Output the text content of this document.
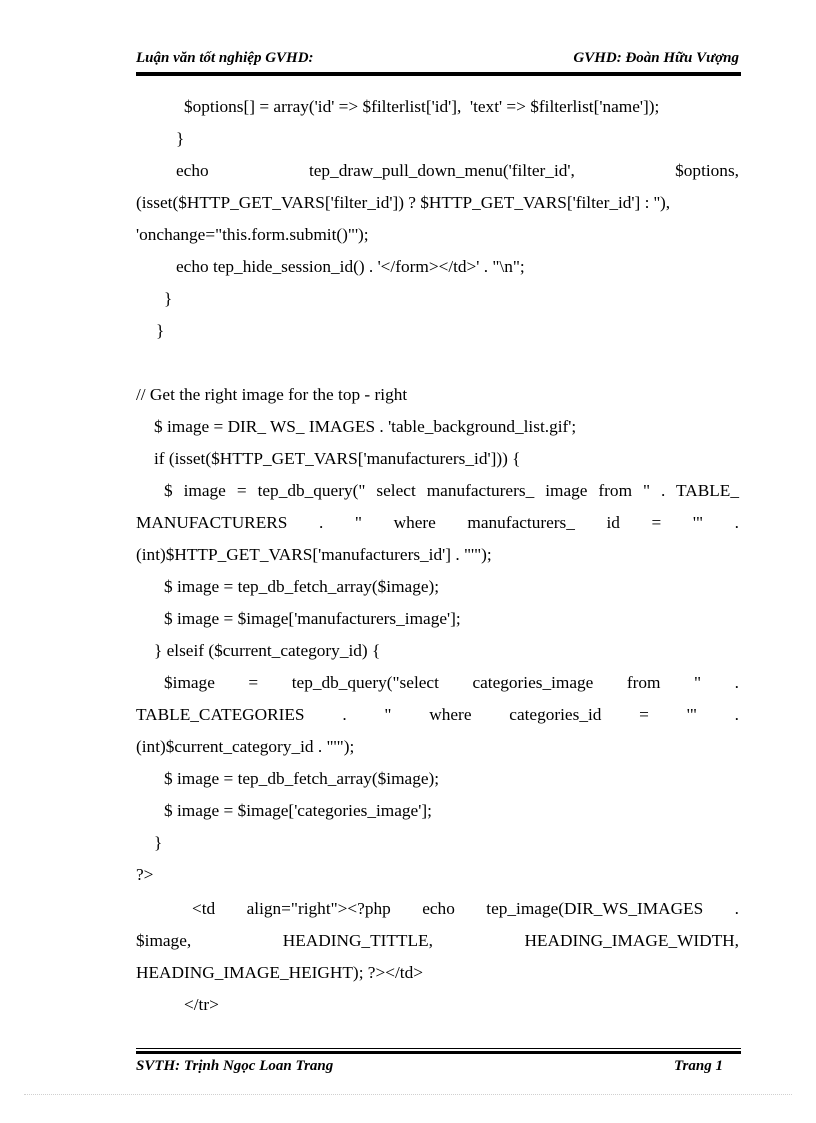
Luận văn tốt nghiệp GVHD:	GVHD: Đoàn Hữu Vượng
$options[] = array('id' => $filterlist['id'],  'text' => $filterlist['name']);
}
echo tep_draw_pull_down_menu('filter_id', $options,
(isset($HTTP_GET_VARS['filter_id']) ? $HTTP_GET_VARS['filter_id'] : ''),
'onchange="this.form.submit()"');
echo tep_hide_session_id() . '</form></td>' . "\n";
}
}
// Get the right image for the top - right
$ image = DIR_ WS_ IMAGES . 'table_background_list.gif';
if (isset($HTTP_GET_VARS['manufacturers_id'])) {
$ image = tep_db_query(" select manufacturers_ image from " . TABLE_
MANUFACTURERS . " where manufacturers_ id = '" .
(int)$HTTP_GET_VARS['manufacturers_id'] . "'");
$ image = tep_db_fetch_array($image);
$ image = $image['manufacturers_image'];
} elseif ($current_category_id) {
$image = tep_db_query("select categories_image from " .
TABLE_CATEGORIES . " where categories_id = '" .
(int)$current_category_id . "'");
$ image = tep_db_fetch_array($image);
$ image = $image['categories_image'];
}
?>
<td align="right"><?php echo tep_image(DIR_WS_IMAGES .
$image, HEADING_TITTLE, HEADING_IMAGE_WIDTH,
HEADING_IMAGE_HEIGHT); ?></td>
</tr>
SVTH: Trịnh Ngọc Loan Trang	Trang 1
